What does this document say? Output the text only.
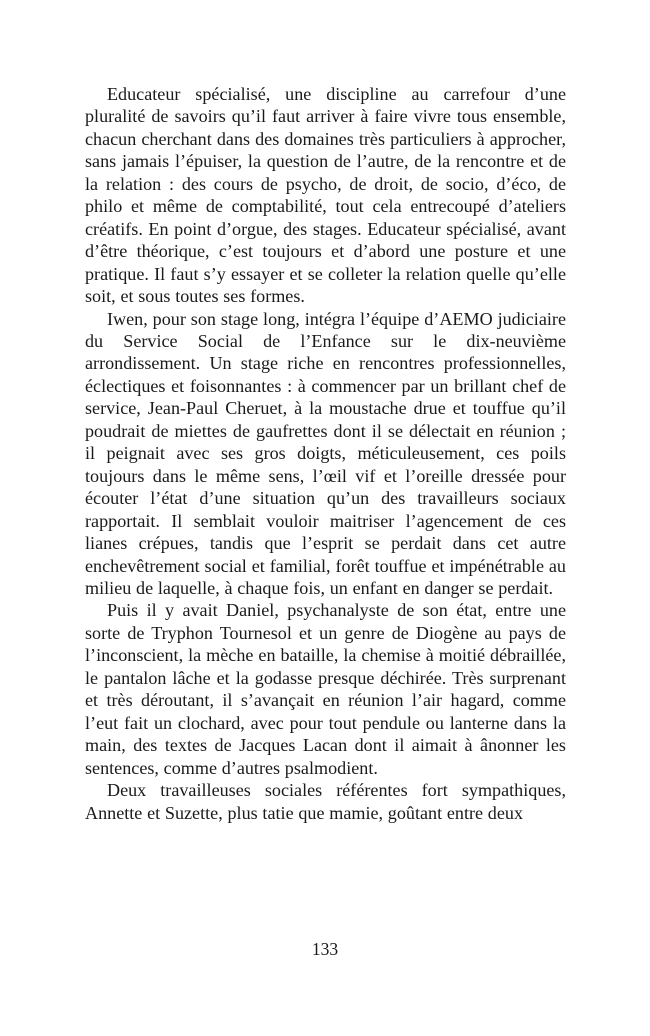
Educateur spécialisé, une discipline au carrefour d’une pluralité de savoirs qu’il faut arriver à faire vivre tous ensemble, chacun cherchant dans des domaines très particuliers à approcher, sans jamais l’épuiser, la question de l’autre, de la rencontre et de la relation : des cours de psycho, de droit, de socio, d’éco, de philo et même de comptabilité, tout cela entrecoupé d’ateliers créatifs. En point d’orgue, des stages. Educateur spécialisé, avant d’être théorique, c’est toujours et d’abord une posture et une pratique. Il faut s’y essayer et se colleter la relation quelle qu’elle soit, et sous toutes ses formes.

Iwen, pour son stage long, intégra l’équipe d’AEMO judiciaire du Service Social de l’Enfance sur le dix-neuvième arrondissement. Un stage riche en rencontres professionnelles, éclectiques et foisonnantes : à commencer par un brillant chef de service, Jean-Paul Cheruet, à la moustache drue et touffue qu’il poudrait de miettes de gaufrettes dont il se délectait en réunion ; il peignait avec ses gros doigts, méticuleusement, ces poils toujours dans le même sens, l’œil vif et l’oreille dressée pour écouter l’état d’une situation qu’un des travailleurs sociaux rapportait. Il semblait vouloir maitriser l’agencement de ces lianes crépues, tandis que l’esprit se perdait dans cet autre enchevêtrement social et familial, forêt touffue et impénétrable au milieu de laquelle, à chaque fois, un enfant en danger se perdait.

Puis il y avait Daniel, psychanalyste de son état, entre une sorte de Tryphon Tournesol et un genre de Diogène au pays de l’inconscient, la mèche en bataille, la chemise à moitié débraillée, le pantalon lâche et la godasse presque déchirée. Très surprenant et très déroutant, il s’avançait en réunion l’air hagard, comme l’eut fait un clochard, avec pour tout pendule ou lanterne dans la main, des textes de Jacques Lacan dont il aimait à ânonner les sentences, comme d’autres psalmodient.

Deux travailleuses sociales référentes fort sympathiques, Annette et Suzette, plus tatie que mamie, goûtant entre deux

133
